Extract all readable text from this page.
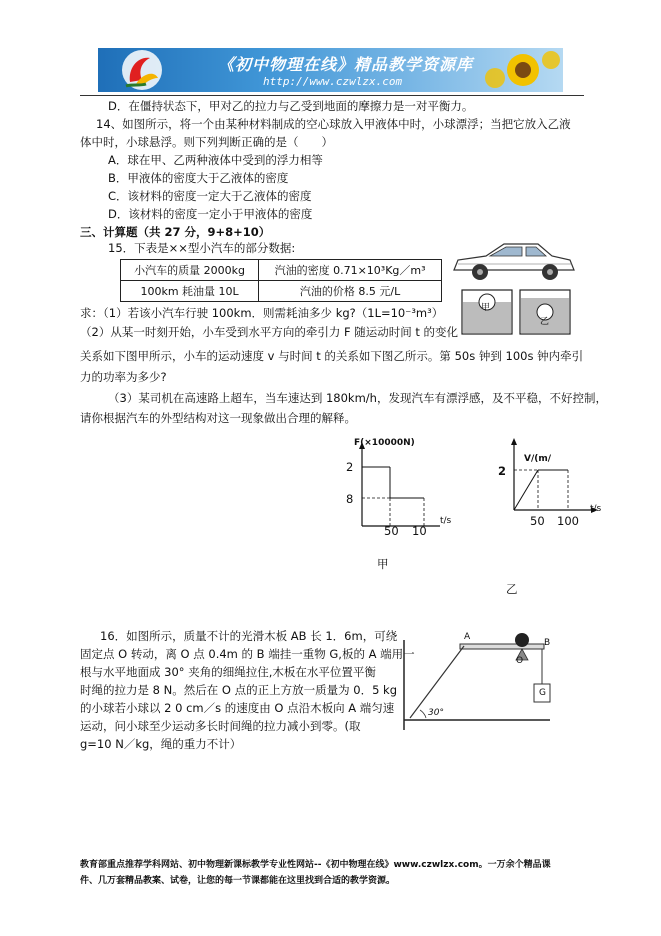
《初中物理在线》精品教学资源库
http://www.czwlzx.com
D．在僵持状态下，甲对乙的拉力与乙受到地面的摩擦力是一对平衡力。
14、如图所示，将一个由某种材料制成的空心球放入甲液体中时，小球漂浮；当把它放入乙液
体中时，小球悬浮。则下列判断正确的是（　　）
A．球在甲、乙两种液体中受到的浮力相等
B．甲液体的密度大于乙液体的密度
C．该材料的密度一定大于乙液体的密度
D．该材料的密度一定小于甲液体的密度
三、计算题（共 27 分，9+8+10）
15．下表是××型小汽车的部分数据:
小汽车的质量 2000kg	汽油的密度 0.71×10³Kg／m³
100km 耗油量 10L	汽油的价格 8.5 元/L
甲
乙
求：（1）若该小汽车行驶 100km．则需耗油多少 kg?（1L=10⁻³m³）
（2）从某一时刻开始，小车受到水平方向的牵引力 F 随运动时间 t 的变化
关系如下图甲所示，小车的运动速度 v 与时间 t 的关系如下图乙所示。第 50s 钟到 100s 钟内牵引
力的功率为多少?
（3）某司机在高速路上超车，当车速达到 180km/h，发现汽车有漂浮感，及不平稳，不好控制，
请你根据汽车的外型结构对这一现象做出合理的解释。
F(×10000N)
2
8
50 10
t/s
V/(m/
2
50 100
t/s
甲
乙
16．如图所示，质量不计的光滑木板 AB 长 1．6m，可绕
固定点 O 转动，离 O 点 0.4m 的 B 端挂一重物 G,板的 A 端用一
根与水平地面成 30° 夹角的细绳拉住,木板在水平位置平衡
时绳的拉力是 8 N。然后在 O 点的正上方放一质量为 0．5 kg
的小球若小球以 2 0 cm／s 的速度由 O 点沿木板向 A 端匀速
运动，问小球至少运动多长时间绳的拉力减小到零。(取
g=10 N／kg，绳的重力不计）
A
B
O
G
30°
教育部重点推荐学科网站、初中物理新课标教学专业性网站--《初中物理在线》www.czwlzx.com。一万余个精品课
件、几万套精品教案、试卷，让您的每一节课都能在这里找到合适的教学资源。
